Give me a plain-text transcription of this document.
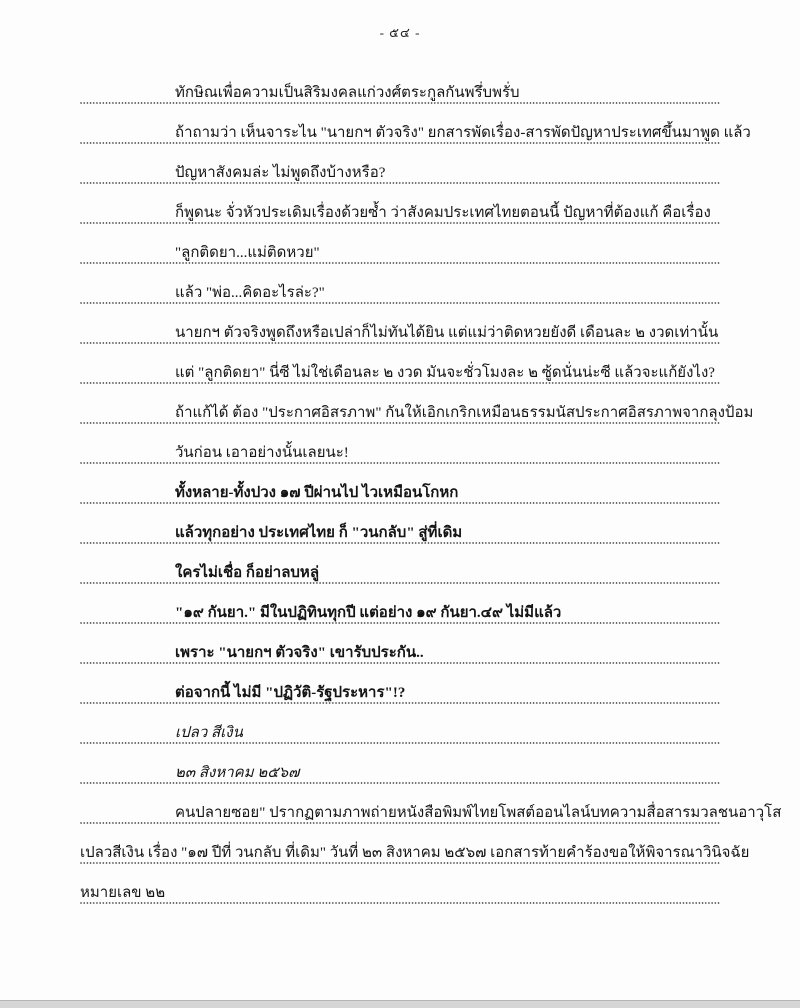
- ๕๔ -
ทักษิณเพื่อความเป็นสิริมงคลแก่วงศ์ตระกูลกันพรึ่บพรั่บ
ถ้าถามว่า เห็นจาระไน "นายกฯ ตัวจริง" ยกสารพัดเรื่อง-สารพัดปัญหาประเทศขึ้นมาพูด แล้ว
ปัญหาสังคมล่ะ ไม่พูดถึงบ้างหรือ?
ก็พูดนะ จั่วหัวประเดิมเรื่องด้วยซ้ำ ว่าสังคมประเทศไทยตอนนี้ ปัญหาที่ต้องแก้ คือเรื่อง
"ลูกติดยา...แม่ติดหวย"
แล้ว "พ่อ...คิดอะไรล่ะ?"
นายกฯ ตัวจริงพูดถึงหรือเปล่าก็ไม่ทันได้ยิน แต่แม่ว่าติดหวยยังดี เดือนละ ๒ งวดเท่านั้น
แต่ "ลูกติดยา" นี่ซี ไม่ใช่เดือนละ ๒ งวด มันจะชั่วโมงละ ๒ ซู้ดนั่นน่ะซี แล้วจะแก้ยังไง?
ถ้าแก้ได้ ต้อง "ประกาศอิสรภาพ" กันให้เอิกเกริกเหมือนธรรมนัสประกาศอิสรภาพจากลุงป้อม
วันก่อน เอาอย่างนั้นเลยนะ!
ทั้งหลาย-ทั้งปวง ๑๗ ปีผ่านไป ไวเหมือนโกหก
แล้วทุกอย่าง ประเทศไทย ก็ "วนกลับ" สู่ที่เดิม
ใครไม่เชื่อ ก็อย่าลบหลู่
"๑๙ กันยา." มีในปฏิทินทุกปี แต่อย่าง ๑๙ กันยา.๔๙ ไม่มีแล้ว
เพราะ "นายกฯ ตัวจริง" เขารับประกัน..
ต่อจากนี้ ไม่มี "ปฏิวัติ-รัฐประหาร"!?
เปลว สีเงิน
๒๓ สิงหาคม ๒๕๖๗
คนปลายซอย" ปรากฏตามภาพถ่ายหนังสือพิมพ์ไทยโพสต์ออนไลน์บทความสื่อสารมวลชนอาวุโส
เปลวสีเงิน เรื่อง "๑๗ ปีที่ วนกลับ ที่เดิม" วันที่ ๒๓ สิงหาคม ๒๕๖๗ เอกสารท้ายคำร้องขอให้พิจารณาวินิจฉัย
หมายเลข ๒๒
